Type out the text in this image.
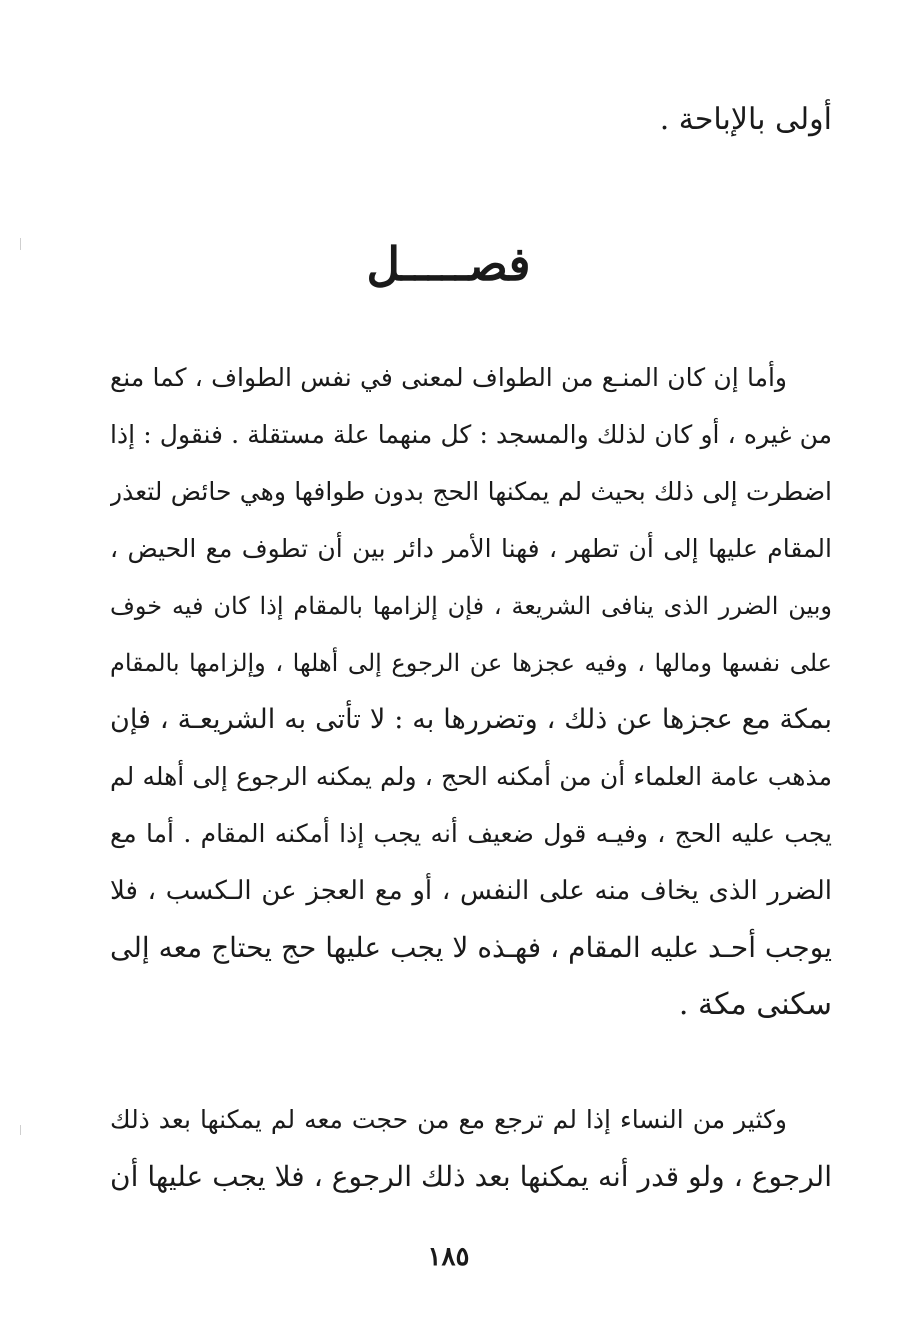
أولى بالإباحة .
فصـــــل
وأما إن كان المنـع من الطواف لمعنى في نفس الطواف ، كما منع
من غيره ، أو كان لذلك والمسجد : كل منهما علة مستقلة . فنقول : إذا
اضطرت إلى ذلك بحيث لم يمكنها الحج بدون طوافها وهي حائض لتعذر
المقام عليها إلى أن تطهر ، فهنا الأمر دائر بين أن تطوف مع الحيض ،
وبين الضرر الذى ينافى الشريعة ، فإن إلزامها بالمقام إذا كان فيه خوف
على نفسها ومالها ، وفيه عجزها عن الرجوع إلى أهلها ، وإلزامها بالمقام
بمكة مع عجزها عن ذلك ، وتضررها به : لا تأتى به الشريعـة ، فإن
مذهب عامة العلماء أن من أمكنه الحج ، ولم يمكنه الرجوع إلى أهله لم
يجب عليه الحج ، وفيـه قول ضعيف أنه يجب إذا أمكنه المقام . أما مع
الضرر الذى يخاف منه على النفس ، أو مع العجز عن الـكسب ، فلا
يوجب أحـد عليه المقام ، فهـذه لا يجب عليها حج يحتاج معه إلى
سكنى مكة .
وكثير من النساء إذا لم ترجع مع من حجت معه لم يمكنها بعد ذلك
الرجوع ، ولو قدر أنه يمكنها بعد ذلك الرجوع ، فلا يجب عليها أن
١٨٥
